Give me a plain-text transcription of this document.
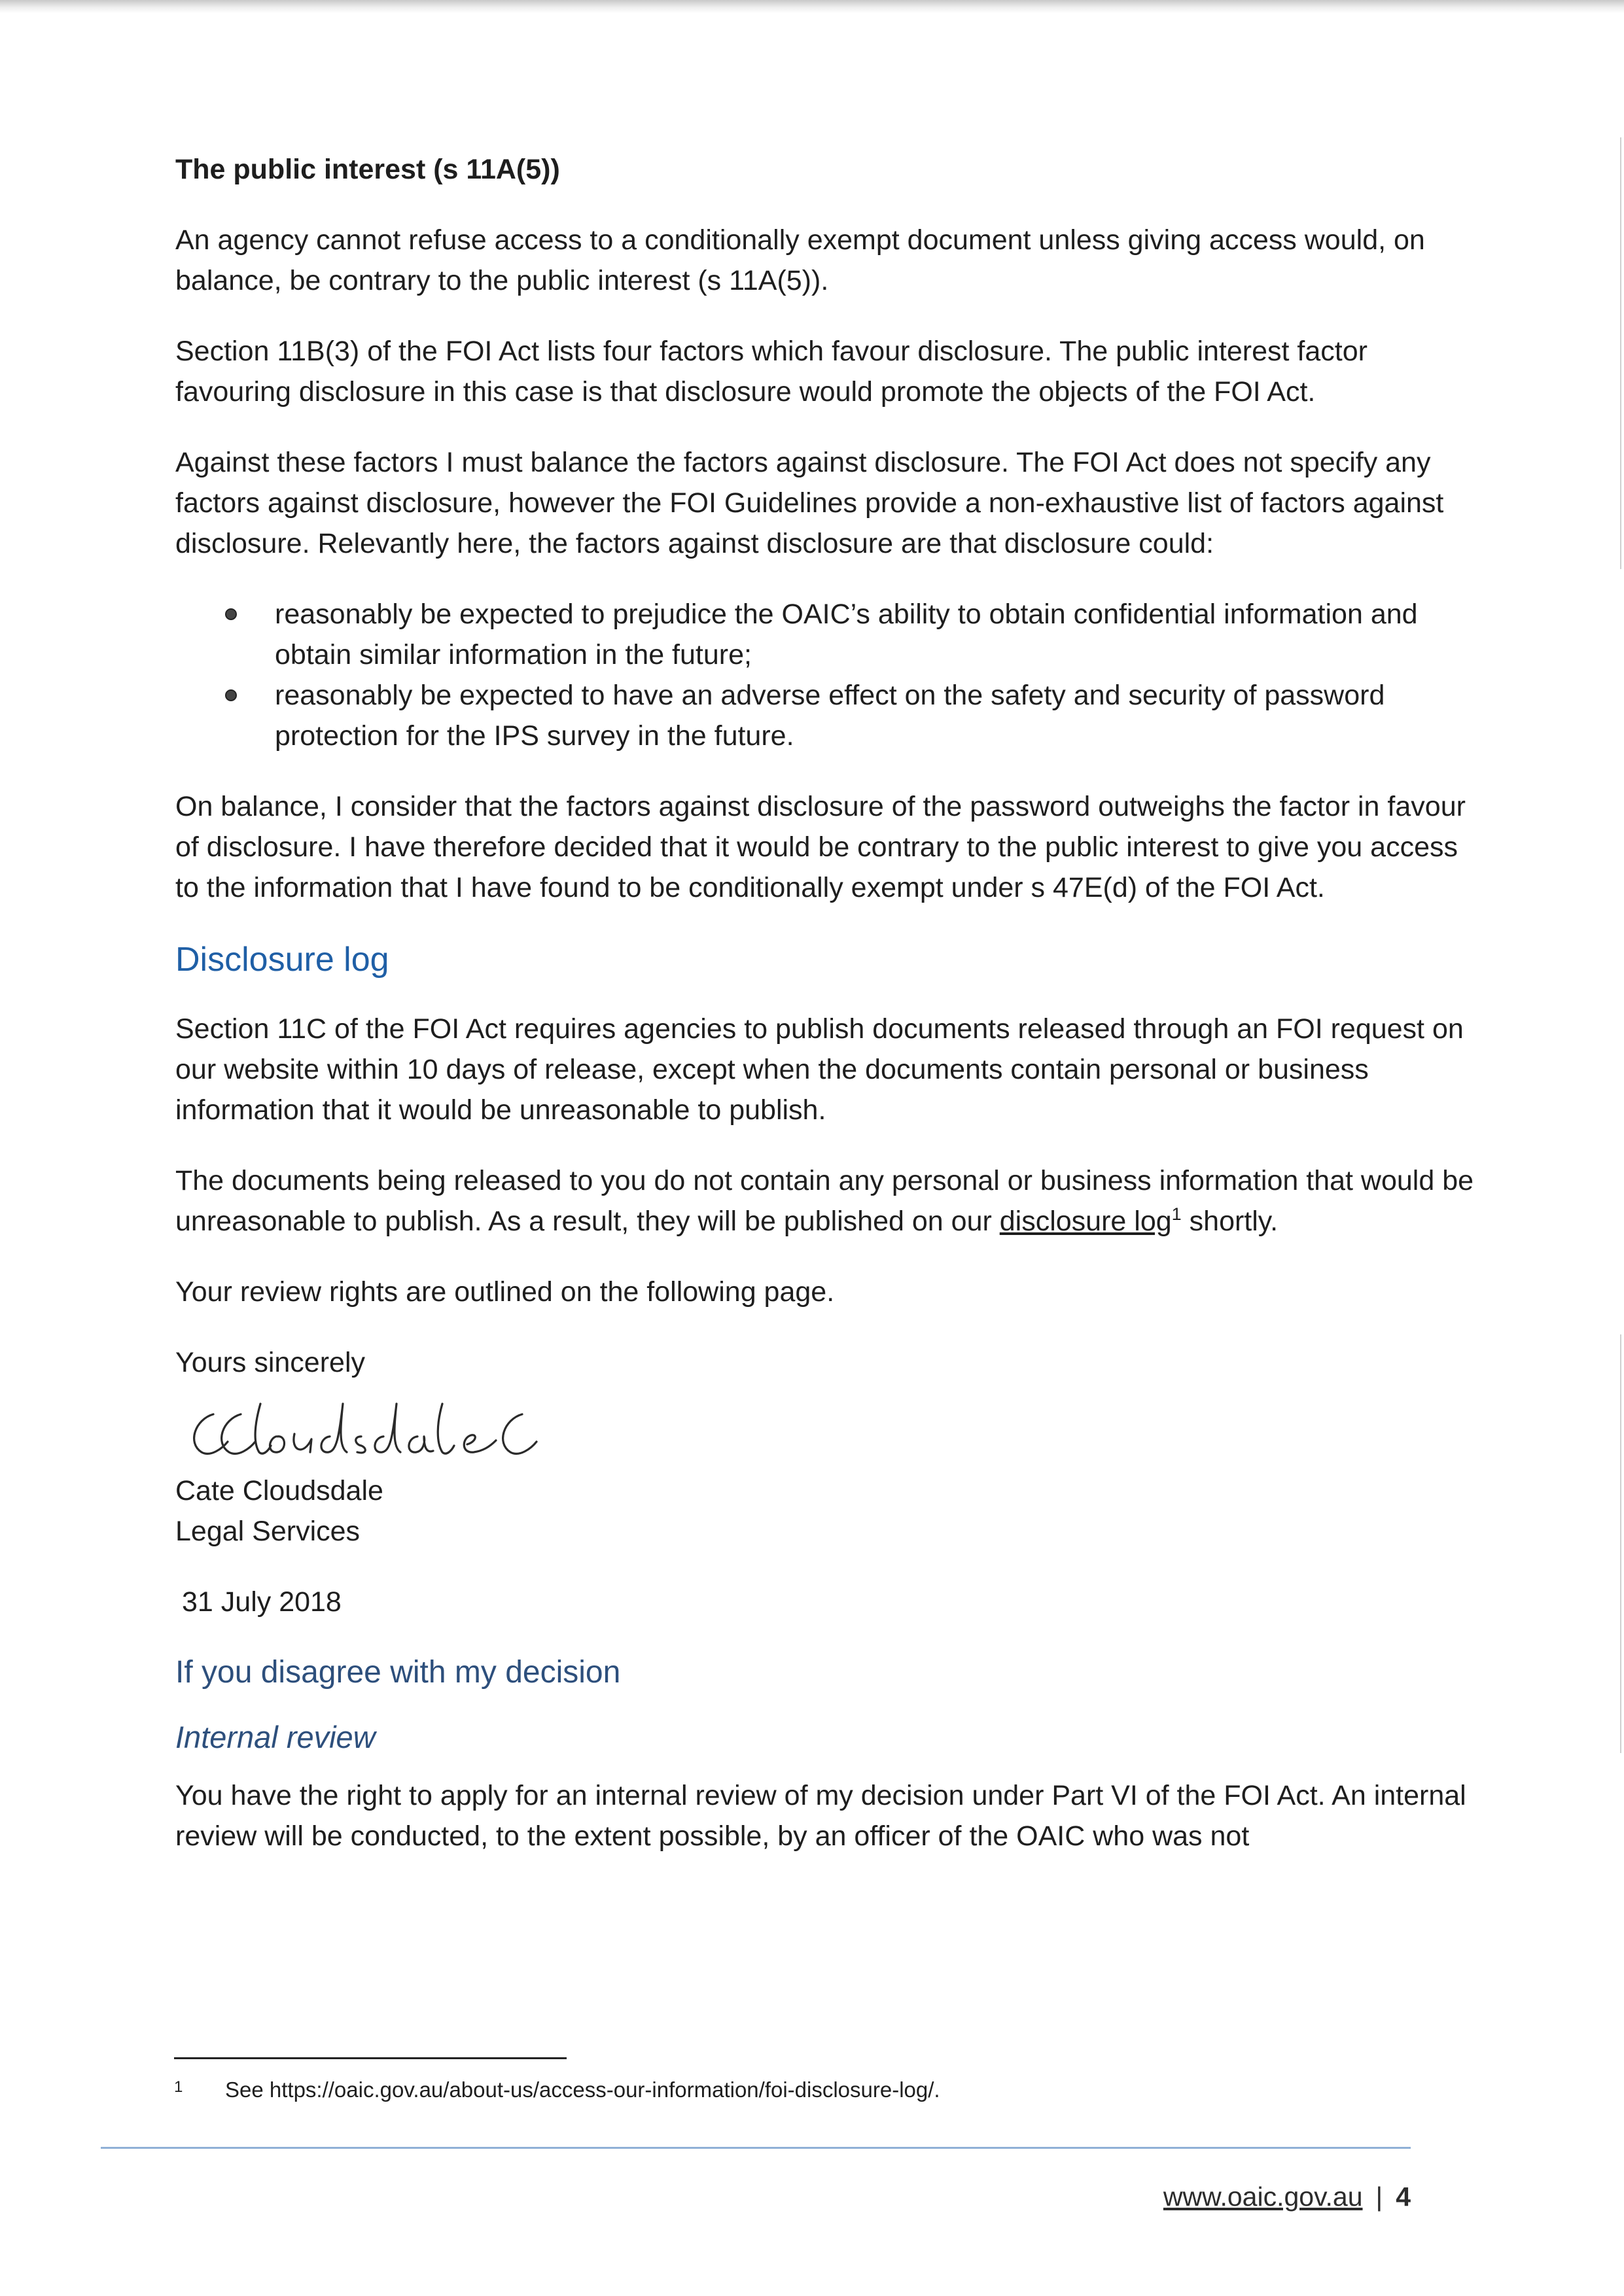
The public interest (s 11A(5))

An agency cannot refuse access to a conditionally exempt document unless giving access would, on balance, be contrary to the public interest (s 11A(5)).

Section 11B(3) of the FOI Act lists four factors which favour disclosure. The public interest factor favouring disclosure in this case is that disclosure would promote the objects of the FOI Act.

Against these factors I must balance the factors against disclosure. The FOI Act does not specify any factors against disclosure, however the FOI Guidelines provide a non-exhaustive list of factors against disclosure. Relevantly here, the factors against disclosure are that disclosure could:

reasonably be expected to prejudice the OAIC’s ability to obtain confidential information and obtain similar information in the future;
reasonably be expected to have an adverse effect on the safety and security of password protection for the IPS survey in the future.

On balance, I consider that the factors against disclosure of the password outweighs the factor in favour of disclosure. I have therefore decided that it would be contrary to the public interest to give you access to the information that I have found to be conditionally exempt under s 47E(d) of the FOI Act.

Disclosure log

Section 11C of the FOI Act requires agencies to publish documents released through an FOI request on our website within 10 days of release, except when the documents contain personal or business information that it would be unreasonable to publish.

The documents being released to you do not contain any personal or business information that would be unreasonable to publish. As a result, they will be published on our disclosure $\log^1$ shortly.

Your review rights are outlined on the following page.

Yours sincerely

Cate Cloudsdale

Legal Services

31 July 2018

If you disagree with my decision
Internal review

You have the right to apply for an internal review of my decision under Part VI of the FOI Act. An internal review will be conducted, to the extent possible, by an officer of the OAIC who was not

1 See https://oaic.gov.au/about-us/access-our-information/foi-disclosure-log/.
www.oaic.gov.au | 4
